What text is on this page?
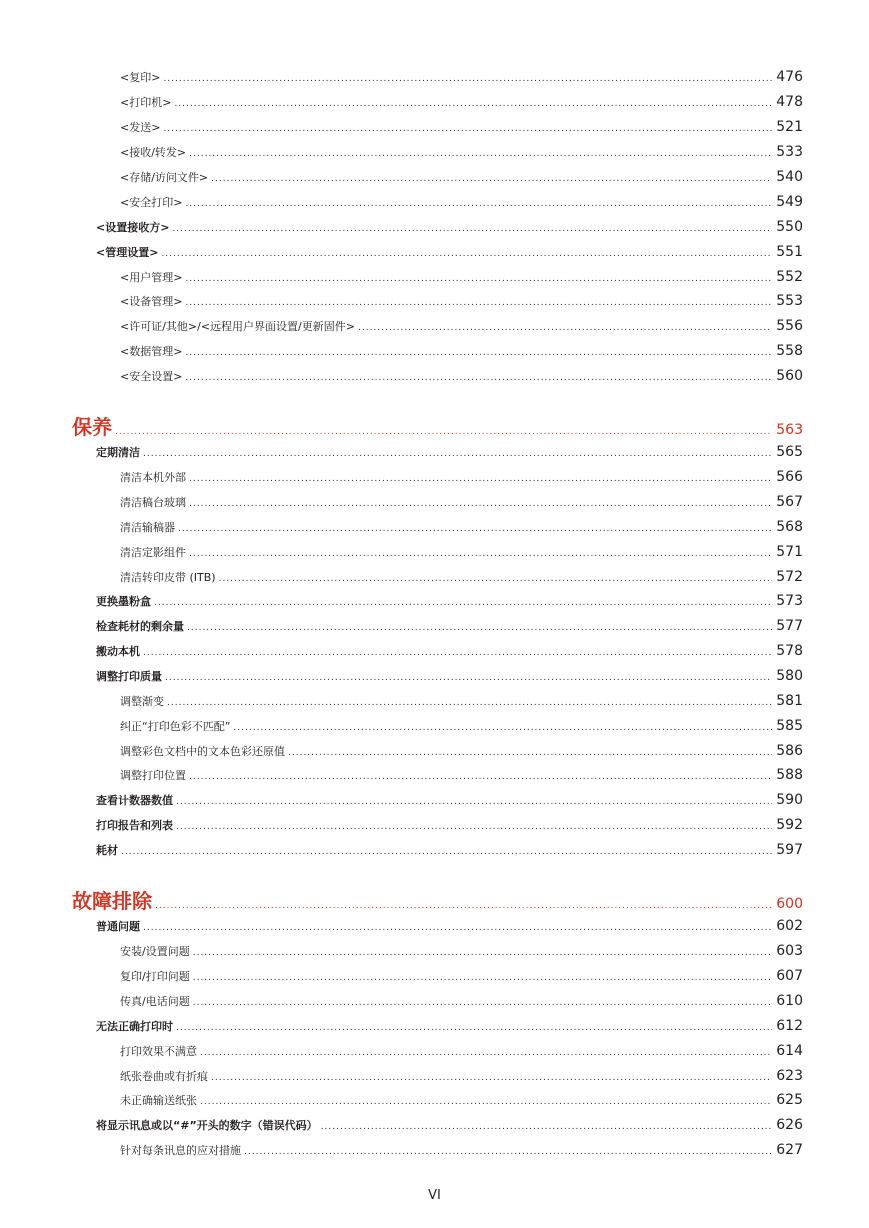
<复印> .....	476
<打印机> .....	478
<发送> .....	521
<接收/转发> .....	533
<存储/访问文件> .....	540
<安全打印> .....	549
<设置接收方> .....	550
<管理设置> .....	551
<用户管理> .....	552
<设备管理> .....	553
<许可证/其他>/<远程用户界面设置/更新固件> .....	556
<数据管理> .....	558
<安全设置> .....	560
保养 .....	563
定期清洁 .....	565
清洁本机外部 .....	566
清洁稿台玻璃 .....	567
清洁输稿器 .....	568
清洁定影组件 .....	571
清洁转印皮带 (ITB) .....	572
更换墨粉盒 .....	573
检查耗材的剩余量 .....	577
搬动本机 .....	578
调整打印质量 .....	580
调整渐变 .....	581
纠正“打印色彩不匹配” .....	585
调整彩色文档中的文本色彩还原值 .....	586
调整打印位置 .....	588
查看计数器数值 .....	590
打印报告和列表 .....	592
耗材 .....	597
故障排除 .....	600
普通问题 .....	602
安装/设置问题 .....	603
复印/打印问题 .....	607
传真/电话问题 .....	610
无法正确打印时 .....	612
打印效果不满意 .....	614
纸张卷曲或有折痕 .....	623
未正确输送纸张 .....	625
将显示讯息或以“#”开头的数字（错误代码） .....	626
针对每条讯息的应对措施 .....	627
VI
